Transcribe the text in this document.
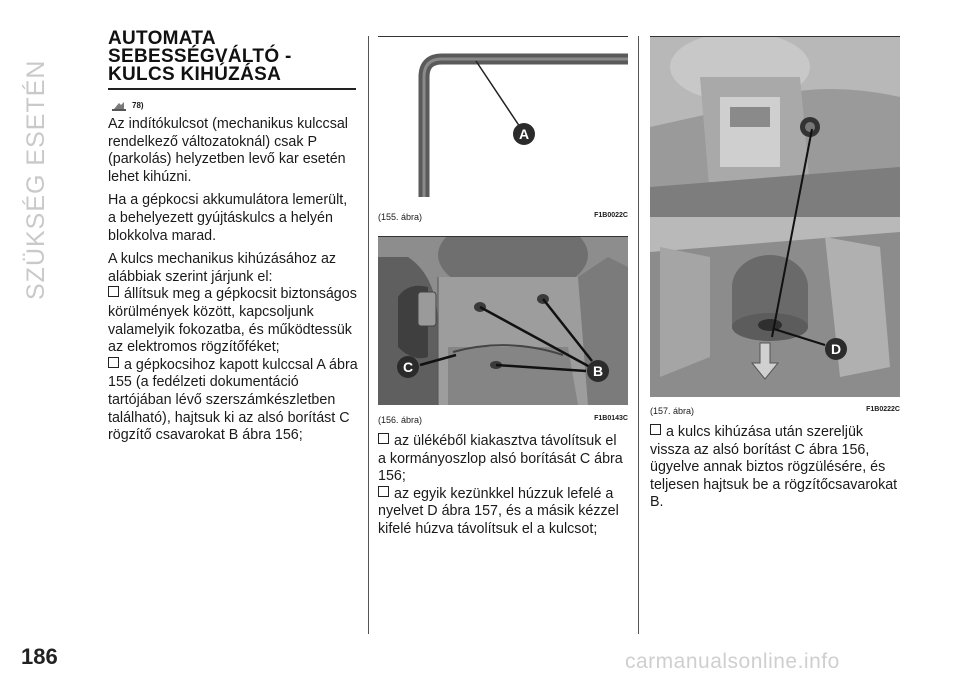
SZÜKSÉG ESETÉN
186
AUTOMATA
SEBESSÉGVÁLTÓ -
KULCS KIHÚZÁSA
78)

Az indítókulcsot (mechanikus kulccsal rendelkező változatoknál) csak P (parkolás) helyzetben levő kar esetén lehet kihúzni.

Ha a gépkocsi akkumulátora lemerült, a behelyezett gyújtáskulcs a helyén blokkolva marad.

A kulcs mechanikus kihúzásához az alábbiak szerint járjunk el:

állítsuk meg a gépkocsit biztonságos körülmények között, kapcsoljunk valamelyik fokozatba, és működtessük az elektromos rögzítőféket;

a gépkocsihoz kapott kulccsal A ábra 155 (a fedélzeti dokumentáció tartójában lévő szerszámkészletben található), hajtsuk ki az alsó borítást C rögzítő csavarokat B ábra 156;

A
(155. ábra)	F1B0022C
B
C
(156. ábra)	F1B0143C

az ülékéből kiakasztva távolítsuk el a kormányoszlop alsó borítását C ábra 156;

az egyik kezünkkel húzzuk lefelé a nyelvet D ábra 157, és a másik kézzel kifelé húzva távolítsuk el a kulcsot;

D
(157. ábra)	F1B0222C

a kulcs kihúzása után szereljük vissza az alsó borítást C ábra 156, ügyelve annak biztos rögzülésére, és teljesen hajtsuk be a rögzítőcsavarokat B.

carmanualsonline.info
